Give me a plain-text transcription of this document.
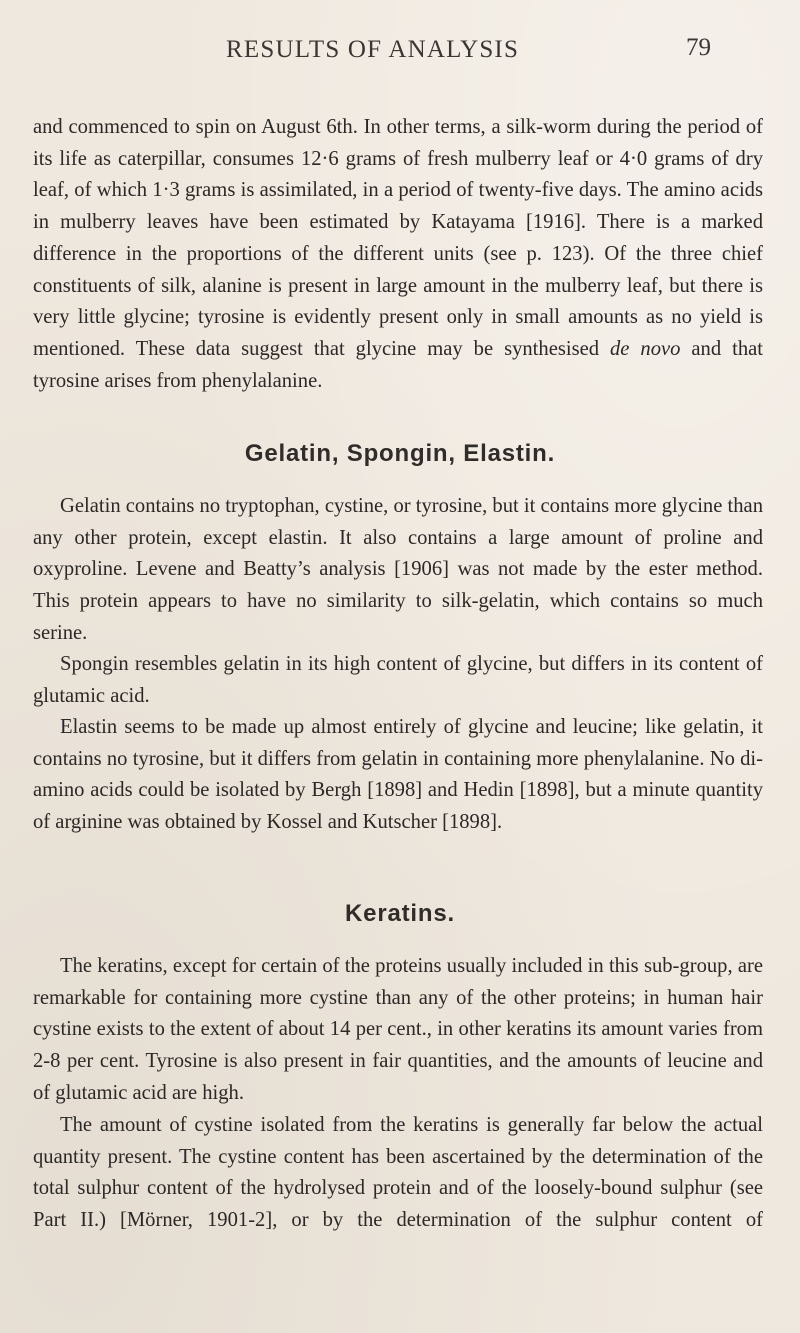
RESULTS OF ANALYSIS	79

and commenced to spin on August 6th. In other terms, a silk-worm during the period of its life as caterpillar, consumes 12·6 grams of fresh mulberry leaf or 4·0 grams of dry leaf, of which 1·3 grams is assimilated, in a period of twenty-five days. The amino acids in mulberry leaves have been estimated by Katayama [1916]. There is a marked difference in the proportions of the different units (see p. 123). Of the three chief constituents of silk, alanine is present in large amount in the mulberry leaf, but there is very little glycine; tyrosine is evidently present only in small amounts as no yield is mentioned. These data suggest that glycine may be synthesised de novo and that tyrosine arises from phenylalanine.

Gelatin, Spongin, Elastin.

Gelatin contains no tryptophan, cystine, or tyrosine, but it contains more glycine than any other protein, except elastin. It also contains a large amount of proline and oxyproline. Levene and Beatty’s analysis [1906] was not made by the ester method. This protein appears to have no similarity to silk-gelatin, which contains so much serine.

Spongin resembles gelatin in its high content of glycine, but differs in its content of glutamic acid.

Elastin seems to be made up almost entirely of glycine and leucine; like gelatin, it contains no tyrosine, but it differs from gelatin in containing more phenylalanine. No di-amino acids could be isolated by Bergh [1898] and Hedin [1898], but a minute quantity of arginine was obtained by Kossel and Kutscher [1898].

Keratins.

The keratins, except for certain of the proteins usually included in this sub-group, are remarkable for containing more cystine than any of the other proteins; in human hair cystine exists to the extent of about 14 per cent., in other keratins its amount varies from 2-8 per cent. Tyrosine is also present in fair quantities, and the amounts of leucine and of glutamic acid are high.

The amount of cystine isolated from the keratins is generally far below the actual quantity present. The cystine content has been ascertained by the determination of the total sulphur content of the hydrolysed protein and of the loosely-bound sulphur (see Part II.) [Mörner, 1901-2], or by the determination of the sulphur content of
